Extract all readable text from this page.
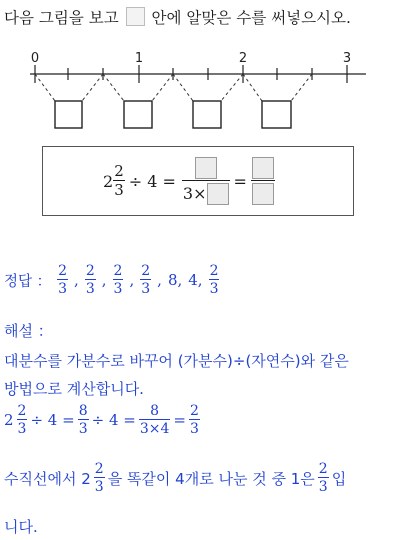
다음 그림을 보고 안에 알맞은 수를 써넣으시오.
0	1	2	3
$2 \frac{2}{3} \div 4$ =
3×
=
정답 ： $\frac{2}{3}$ , $\frac{2}{3}$ , $\frac{2}{3}$ , $\frac{2}{3}$ , 8, 4, $\frac{2}{3}$
해설 ：
대분수를 가분수로 바꾸어 (가분수)÷(자연수)와 같은
방법으로 계산합니다.
$2 \frac{2}{3} \div 4 = \frac{8}{3} \div 4 = \frac{8}{3\times 4} = \frac{2}{3}$
수직선에서 $2 \frac{2}{3}$ 을 똑같이 4개로 나눈 것 중 1은 $\frac{2}{3}$ 입
니다.
